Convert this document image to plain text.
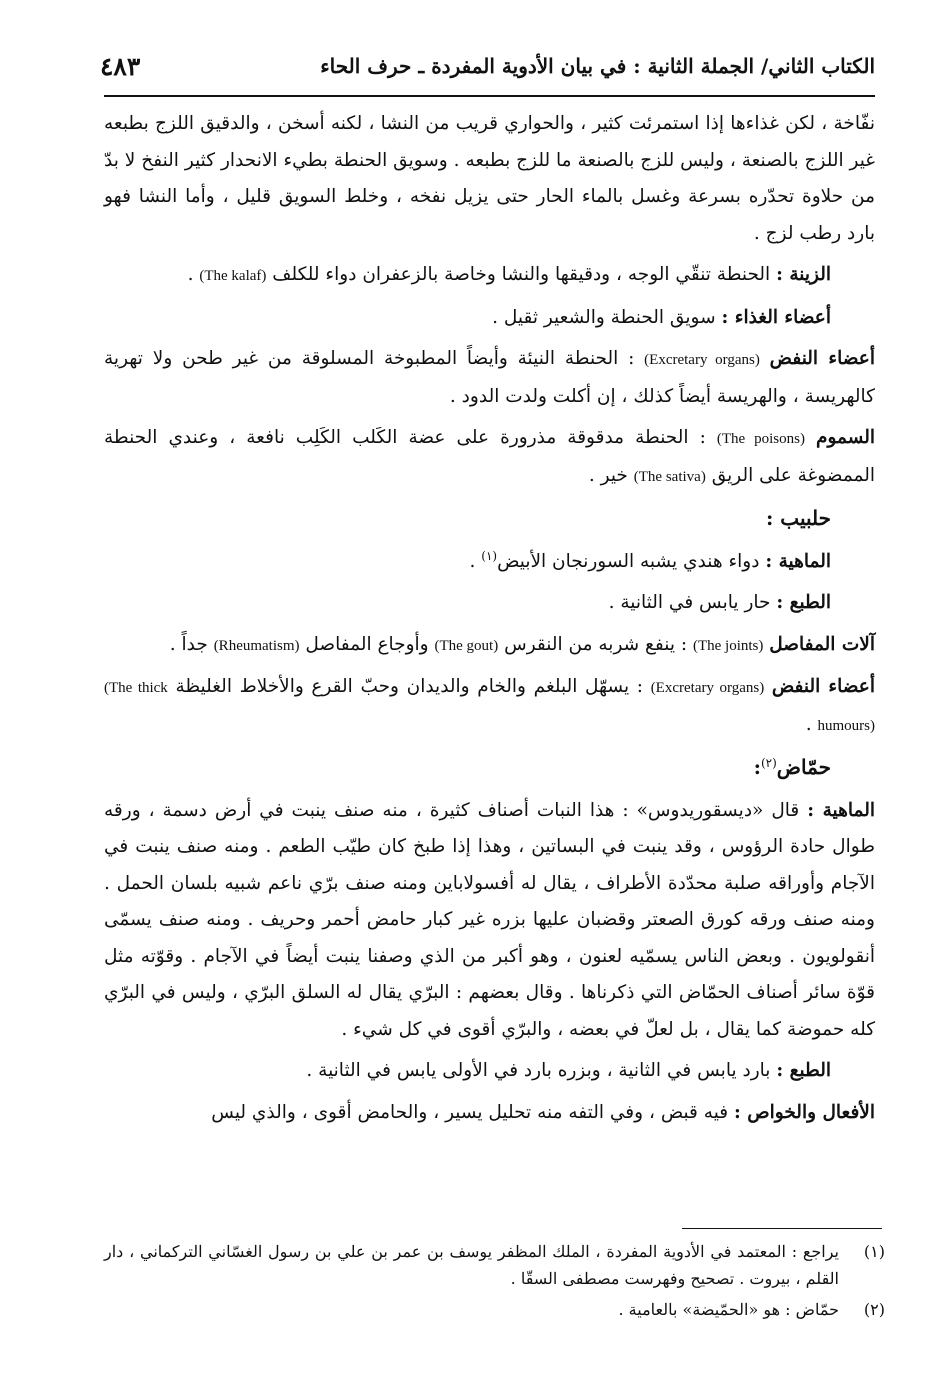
الكتاب الثاني/ الجملة الثانية : في بيان الأدوية المفردة ـ حرف الحاء
٤٨٣

نفّاخة ، لكن غذاءها إذا استمرئت كثير ، والحواري قريب من النشا ، لكنه أسخن ، والدقيق اللزج بطبعه غير اللزج بالصنعة ، وليس للزج بالصنعة ما للزج بطبعه . وسويق الحنطة بطيء الانحدار كثير النفخ لا بدّ من حلاوة تحدّره بسرعة وغسل بالماء الحار حتى يزيل نفخه ، وخلط السويق قليل ، وأما النشا فهو بارد رطب لزج .

الزينة : الحنطة تنقّي الوجه ، ودقيقها والنشا وخاصة بالزعفران دواء للكلف (The kalaf) .

أعضاء الغذاء : سويق الحنطة والشعير ثقيل .

أعضاء النفض (Excretary organs) : الحنطة النيئة وأيضاً المطبوخة المسلوقة من غير طحن ولا تهرية كالهريسة ، والهريسة أيضاً كذلك ، إن أكلت ولدت الدود .

السموم (The poisons) : الحنطة مدقوقة مذرورة على عضة الكَلب الكَلِب نافعة ، وعندي الحنطة الممضوغة على الريق (The sativa) خير .

حلبيب :

الماهية : دواء هندي يشبه السورنجان الأبيض$^{(١)}$ .

الطبع : حار يابس في الثانية .

آلات المفاصل (The joints) : ينفع شربه من النقرس (The gout) وأوجاع المفاصل (Rheumatism) جداً .

أعضاء النفض (Excretary organs) : يسهّل البلغم والخام والديدان وحبّ القرع والأخلاط الغليظة (The thick humours) .

حمّاض$^{(٢)}$:

الماهية : قال «ديسقوريدوس» : هذا النبات أصناف كثيرة ، منه صنف ينبت في أرض دسمة ، ورقه طوال حادة الرؤوس ، وقد ينبت في البساتين ، وهذا إذا طبخ كان طيّب الطعم . ومنه صنف ينبت في الآجام وأوراقه صلبة محدّدة الأطراف ، يقال له أفسولاباين ومنه صنف برّي ناعم شبيه بلسان الحمل . ومنه صنف ورقه كورق الصعتر وقضبان عليها بزره غير كبار حامض أحمر وحريف . ومنه صنف يسمّى أنقولويون . وبعض الناس يسمّيه لعنون ، وهو أكبر من الذي وصفنا ينبت أيضاً في الآجام . وقوّته مثل قوّة سائر أصناف الحمّاض التي ذكرناها . وقال بعضهم : البرّي يقال له السلق البرّي ، وليس في البرّي كله حموضة كما يقال ، بل لعلّ في بعضه ، والبرّي أقوى في كل شيء .

الطبع : بارد يابس في الثانية ، وبزره بارد في الأولى يابس في الثانية .

الأفعال والخواص : فيه قبض ، وفي التفه منه تحليل يسير ، والحامض أقوى ، والذي ليس

(١)
يراجع : المعتمد في الأدوية المفردة ، الملك المظفر يوسف بن عمر بن علي بن رسول الغسّاني التركماني ، دار القلم ، بيروت . تصحيح وفهرست مصطفى السقّا .
(٢)
حمّاض : هو «الحمّيضة» بالعامية .
